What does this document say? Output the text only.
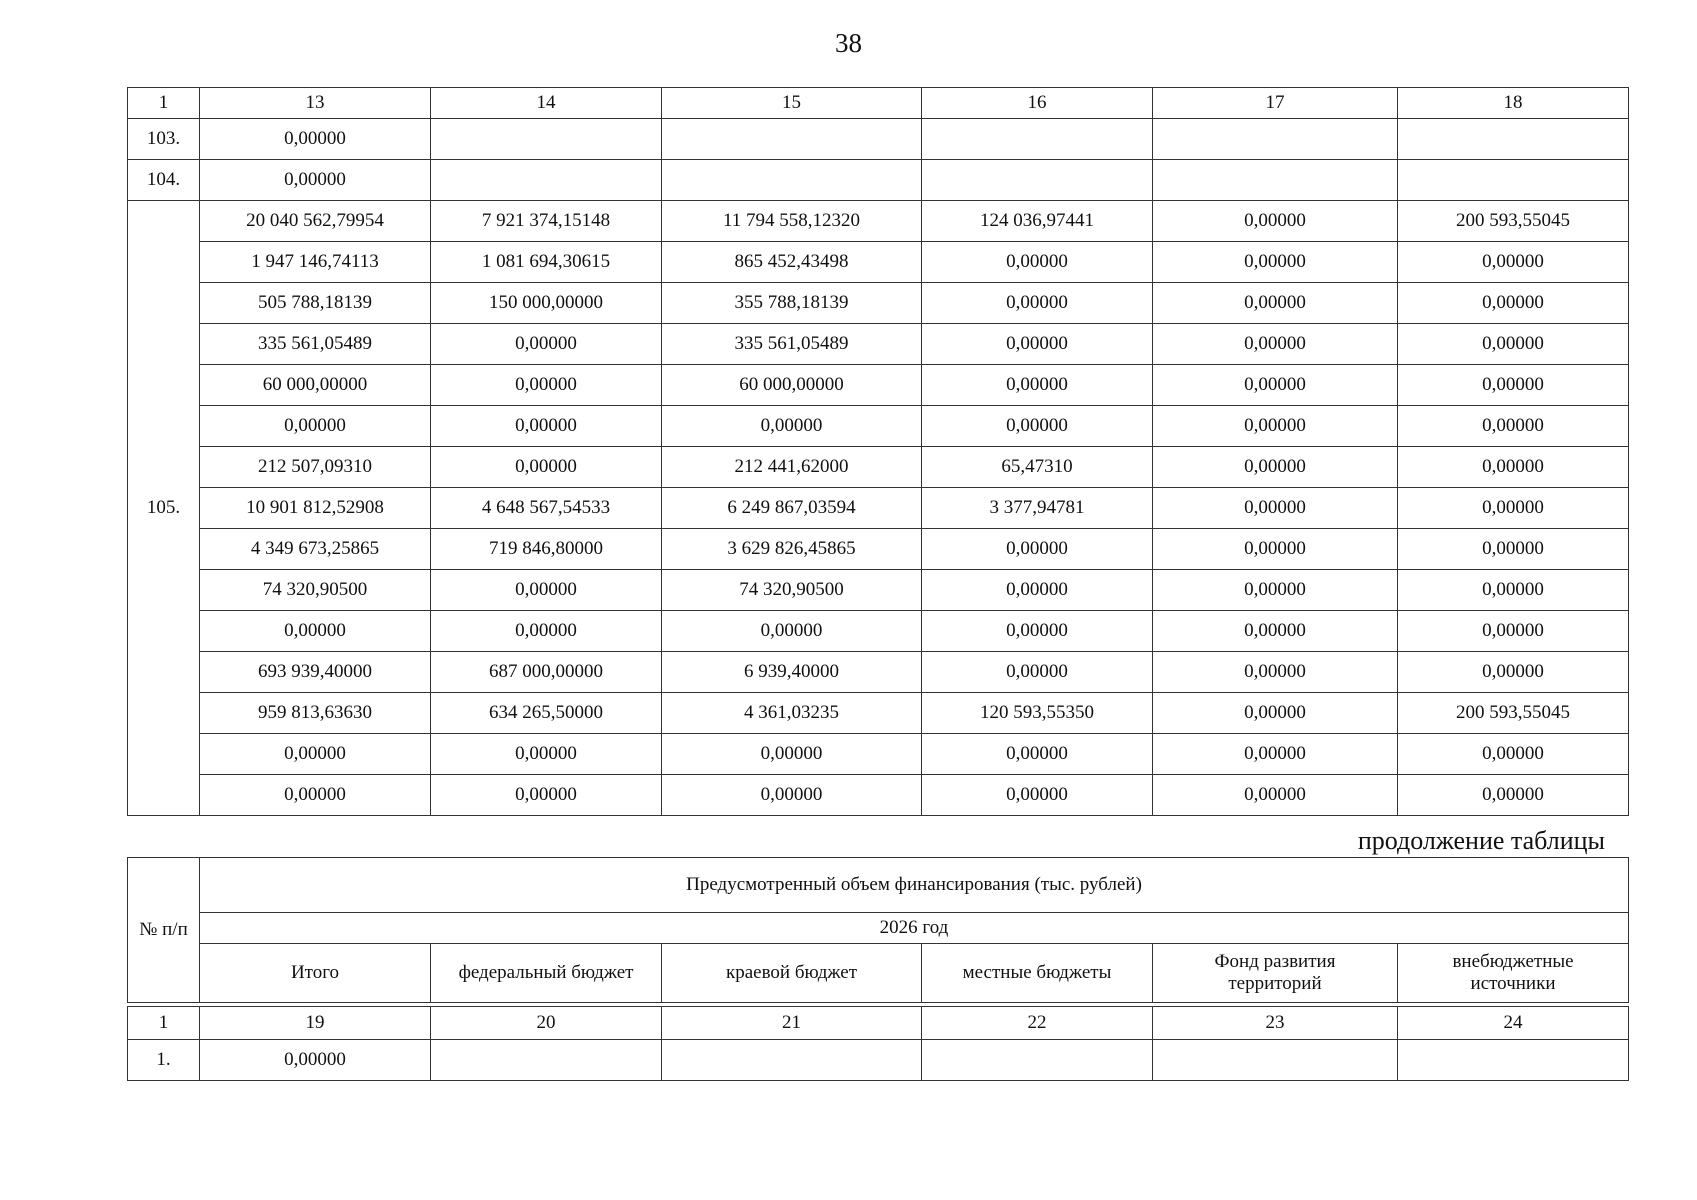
38
1	13	14	15	16	17	18
103.	0,00000					
104.	0,00000					
105.	20 040 562,79954	7 921 374,15148	11 794 558,12320	124 036,97441	0,00000	200 593,55045
	1 947 146,74113	1 081 694,30615	865 452,43498	0,00000	0,00000	0,00000
	505 788,18139	150 000,00000	355 788,18139	0,00000	0,00000	0,00000
	335 561,05489	0,00000	335 561,05489	0,00000	0,00000	0,00000
	60 000,00000	0,00000	60 000,00000	0,00000	0,00000	0,00000
	0,00000	0,00000	0,00000	0,00000	0,00000	0,00000
	212 507,09310	0,00000	212 441,62000	65,47310	0,00000	0,00000
	10 901 812,52908	4 648 567,54533	6 249 867,03594	3 377,94781	0,00000	0,00000
	4 349 673,25865	719 846,80000	3 629 826,45865	0,00000	0,00000	0,00000
	74 320,90500	0,00000	74 320,90500	0,00000	0,00000	0,00000
	0,00000	0,00000	0,00000	0,00000	0,00000	0,00000
	693 939,40000	687 000,00000	6 939,40000	0,00000	0,00000	0,00000
	959 813,63630	634 265,50000	4 361,03235	120 593,55350	0,00000	200 593,55045
	0,00000	0,00000	0,00000	0,00000	0,00000	0,00000
	0,00000	0,00000	0,00000	0,00000	0,00000	0,00000
продолжение таблицы
№ п/п	Предусмотренный объем финансирования (тыс. рублей)					
	2026 год					

	Итого	федеральный бюджет	краевой бюджет	местные бюджеты	Фонд развития территорий	внебюджетные источники
1	19	20	21	22	23	24
1.	0,00000					
